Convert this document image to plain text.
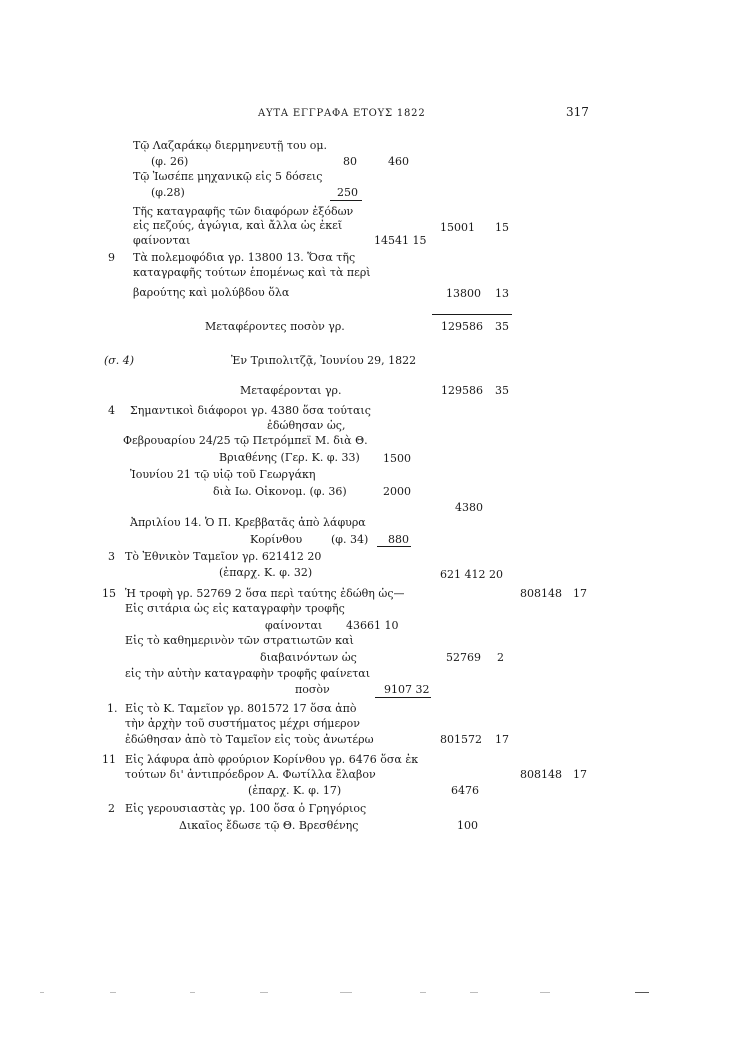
ΑΥΤΑ ΕΓΓΡΑΦΑ ΕΤΟΥΣ 1822	317
Τῷ Λαζαράκῳ διερμηνευτῇ του ομ.
(φ. 26)	80	460
Τῷ Ἰωσέπε μηχανικῷ εἰς 5 δόσεις
(φ.28)	250
Τῆς καταγραφῆς τῶν διαφόρων ἐξόδων
εἰς πεζούς, ἀγώγια, καὶ ἄλλα ὡς ἐκεῖ	15001 15
φαίνονται	14541 15
9 Τὰ πολεμοφόδια γρ. 13800 13. Ὅσα τῆς
καταγραφῆς τούτων ἑπομένως καὶ τὰ περὶ
βαρούτης καὶ μολύβδου ὅλα	13800 13
Μεταφέροντες ποσὸν γρ.	129586 35
(σ. 4)	Ἐν Τριπολιτζᾷ, Ἰουνίου 29, 1822
Μεταφέρονται γρ.	129586 35
4 Σημαντικοὶ διάφοροι γρ. 4380 ὅσα τούταις
ἐδώθησαν ὡς,
Φεβρουαρίου 24/25 τῷ Πετρόμπεϊ Μ. διὰ Θ.
Βριαθένης (Γερ. Κ. φ. 33) 1500
Ἰουνίου 21 τῷ υἱῷ τοῦ Γεωργάκη
διὰ Ιω. Οἰκονομ. (φ. 36)	2000
4380
Ἀπριλίου 14. Ὁ Π. Κρεββατᾶς ἀπὸ λάφυρα
Κορίνθου	(φ. 34) 880
3 Τὸ Ἐθνικὸν Ταμεῖον γρ. 621412 20
(ἐπαρχ. Κ. φ. 32)	621 412 20
15 Ἡ τροφὴ γρ. 52769 2 ὅσα περὶ ταύτης ἐδώθη ὡς—	808148 17
Εἰς σιτάρια ὡς εἰς καταγραφὴν τροφῆς
φαίνονται 43661 10
Εἰς τὸ καθημερινὸν τῶν στρατιωτῶν καὶ
διαβαινόντων ὡς	52769 2
εἰς τὴν αὐτὴν καταγραφὴν τροφῆς φαίνεται
ποσὸν	9107 32
1. Εἰς τὸ Κ. Ταμεῖον γρ. 801572 17 ὅσα ἀπὸ
τὴν ἀρχὴν τοῦ συστήματος μέχρι σήμερον
ἐδώθησαν ἀπὸ τὸ Ταμεῖον εἰς τοὺς ἀνωτέρω	801572 17
11 Εἰς λάφυρα ἀπὸ φρούριον Κορίνθου γρ. 6476 ὅσα ἐκ
τούτων δι' ἀντιπρόεδρον Α. Φωτίλλα ἔλαβον	808148 17
(ἐπαρχ. Κ. φ. 17)	6476
2 Εἰς γερουσιαστὰς γρ. 100 ὅσα ὁ Γρηγόριος
Δικαῖος ἔδωσε τῷ Θ. Βρεσθένης	100
